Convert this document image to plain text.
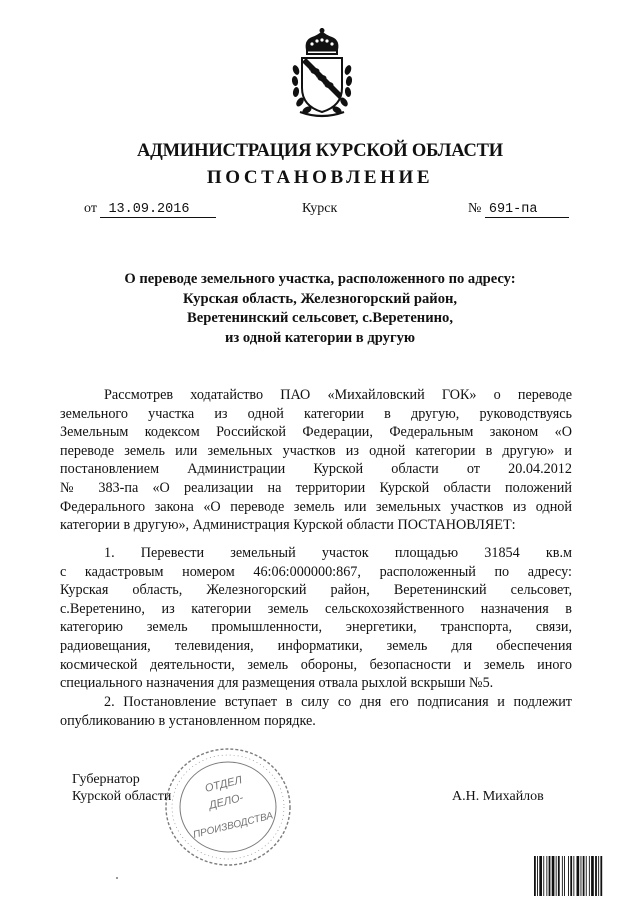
АДМИНИСТРАЦИЯ КУРСКОЙ ОБЛАСТИ
ПОСТАНОВЛЕНИЕ
от 13.09.2016	Курск	№ 691-па
О переводе земельного участка, расположенного по адресу:
Курская область, Железногорский район,
Веретенинский сельсовет, с.Веретенино,
из одной категории в другую
Рассмотрев ходатайство ПАО «Михайловский ГОК» о переводе
земельного участка из одной категории в другую, руководствуясь
Земельным кодексом Российской Федерации, Федеральным законом «О
переводе земель или земельных участков из одной категории в другую» и
постановлением Администрации Курской области от 20.04.2012
№ 383-па «О реализации на территории Курской области положений
Федерального закона «О переводе земель или земельных участков из одной
категории в другую», Администрация Курской области ПОСТАНОВЛЯЕТ:
1. Перевести земельный участок площадью 31854 кв.м
с кадастровым номером 46:06:000000:867, расположенный по адресу:
Курская область, Железногорский район, Веретенинский сельсовет,
с.Веретенино, из категории земель сельскохозяйственного назначения в
категорию земель промышленности, энергетики, транспорта, связи,
радиовещания, телевидения, информатики, земель для обеспечения
космической деятельности, земель обороны, безопасности и земель иного
специального назначения для размещения отвала рыхлой вскрыши №5.
2. Постановление вступает в силу со дня его подписания и подлежит
опубликованию в установленном порядке.
Губернатор
Курской области	А.Н. Михайлов
ОТДЕЛ
ДЕЛО-
ПРОИЗВОДСТВА
